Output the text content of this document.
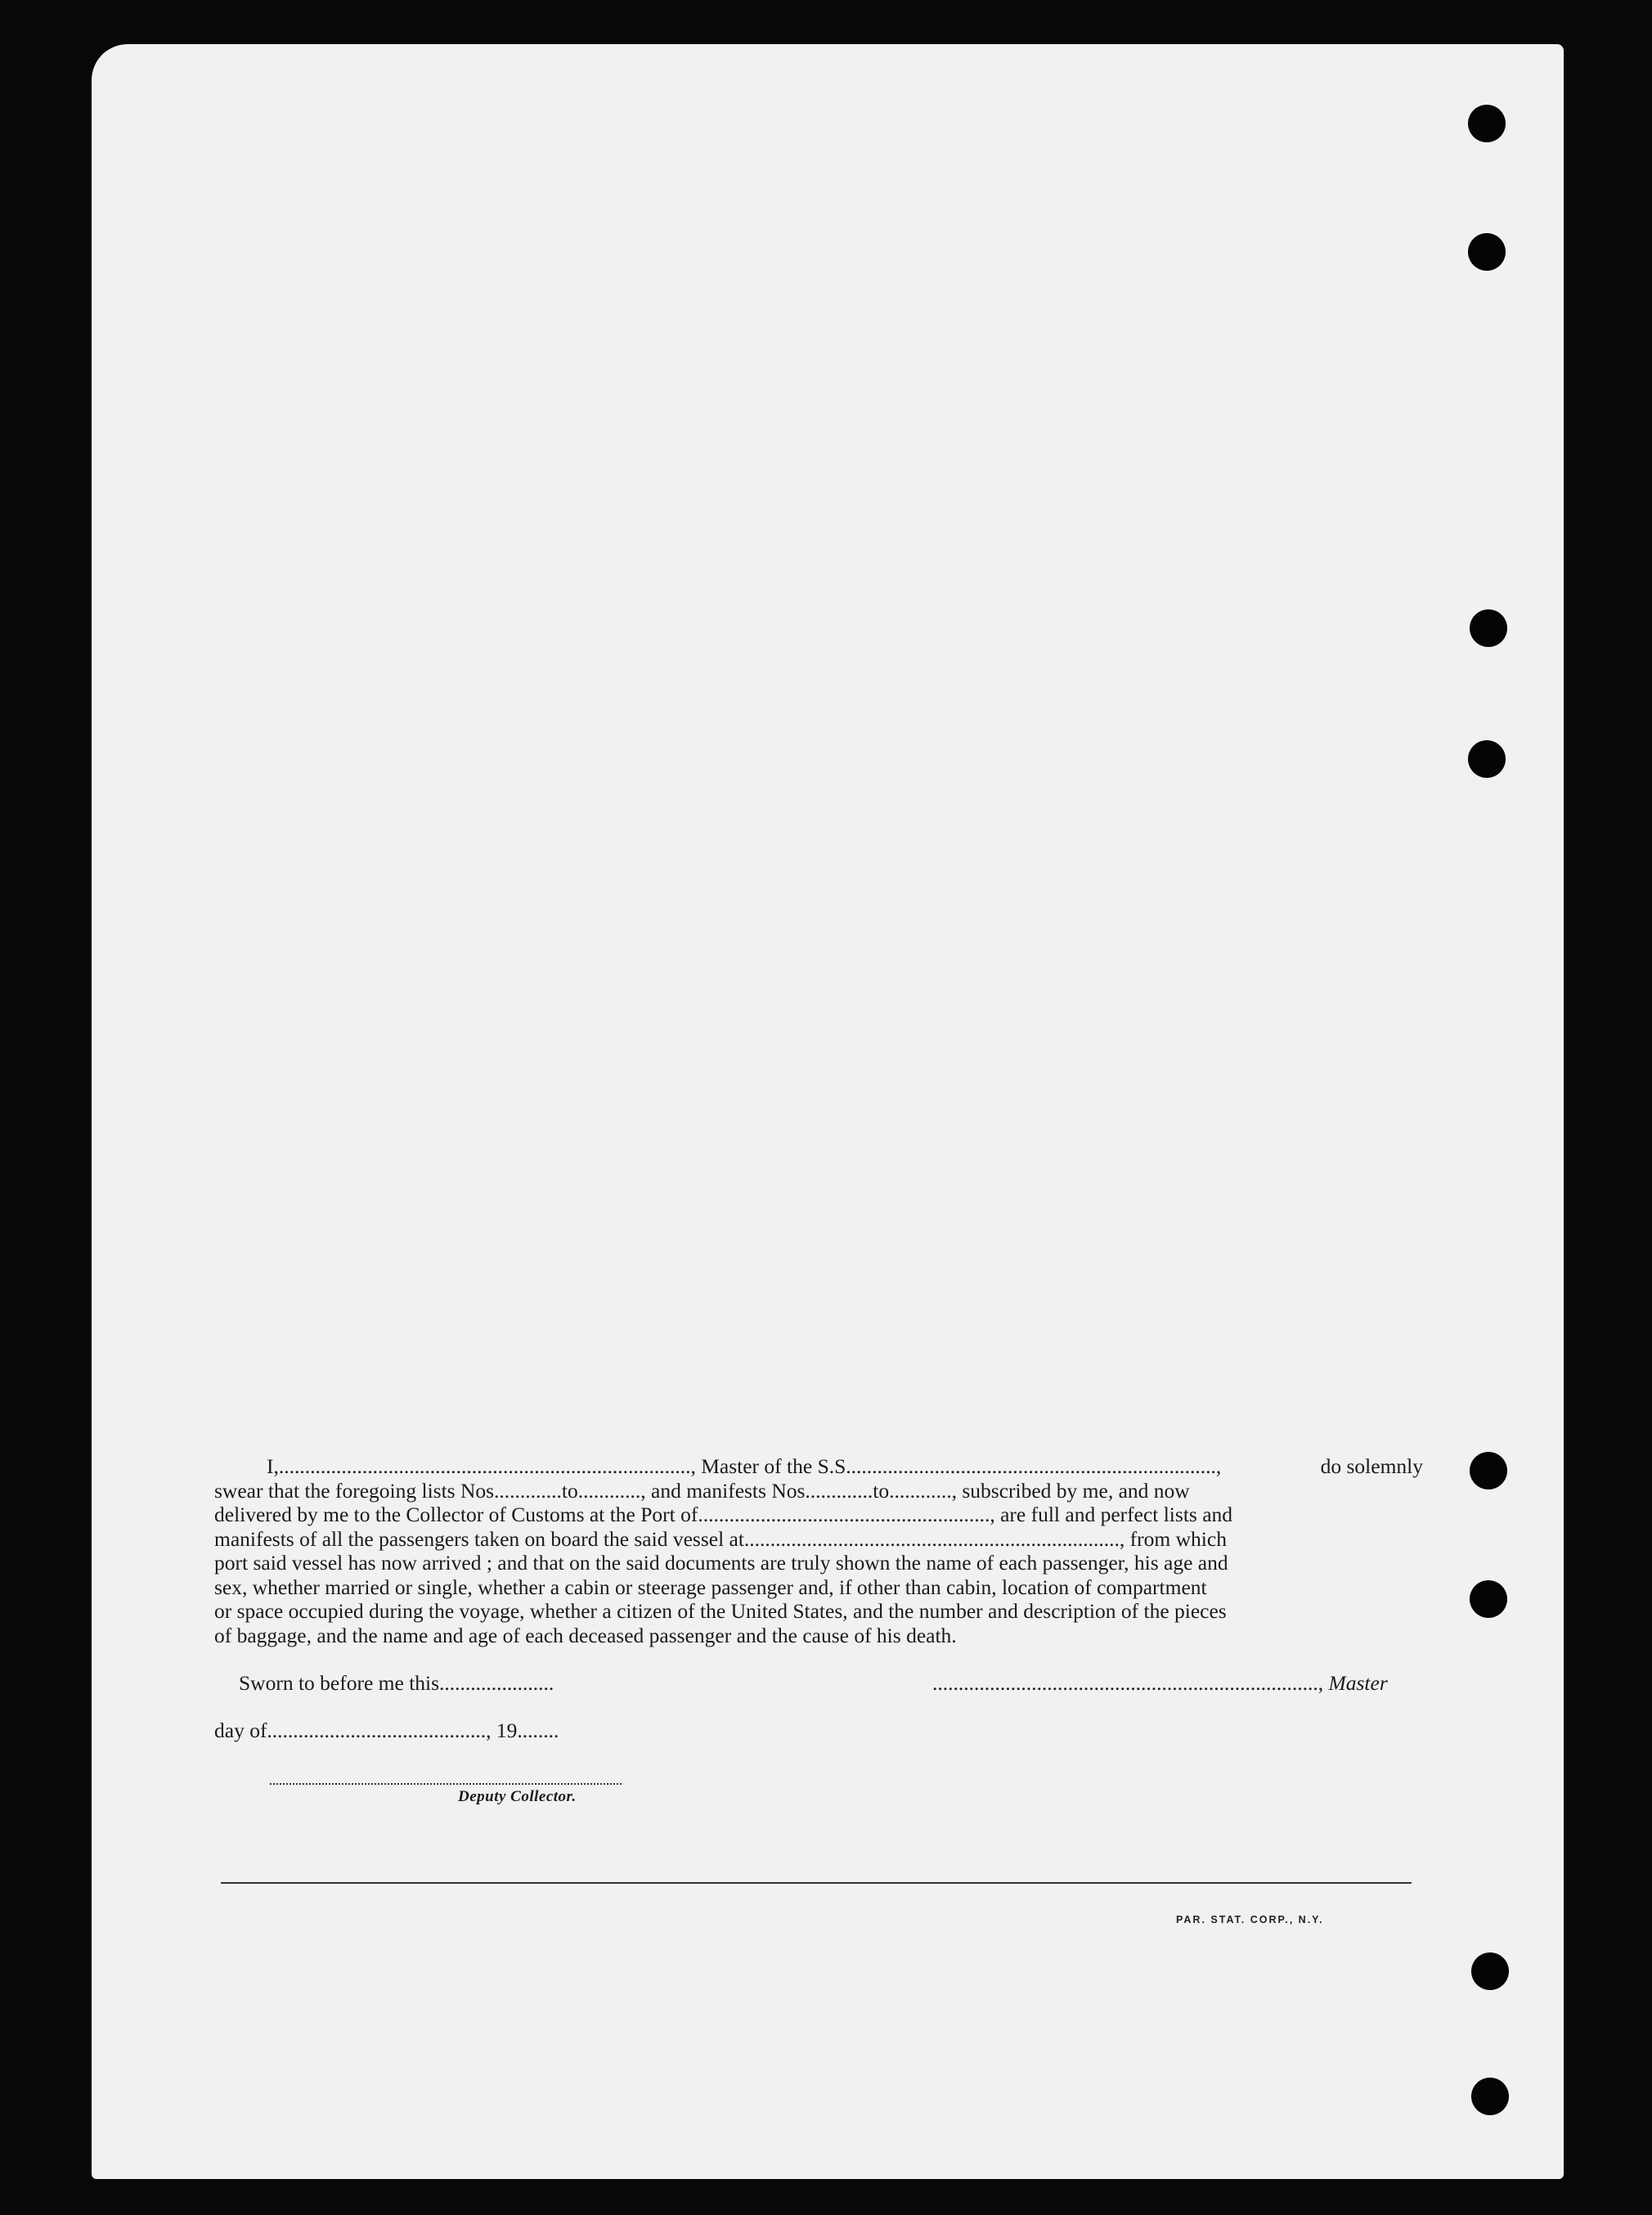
I,..............................................................................., Master of the S.S.......................................................................,	do solemnly
swear that the foregoing lists Nos.............to............, and manifests Nos.............to............, subscribed by me, and now
delivered by me to the Collector of Customs at the Port of........................................................, are full and perfect lists and
manifests of all the passengers taken on board the said vessel at........................................................................, from which
port said vessel has now arrived ; and that on the said documents are truly shown the name of each passenger, his age and
sex, whether married or single, whether a cabin or steerage passenger and, if other than cabin, location of compartment
or space occupied during the voyage, whether a citizen of the United States, and the number and description of the pieces
of baggage, and the name and age of each deceased passenger and the cause of his death.
Sworn to before me this......................	.........................................................................., Master
day of.........................................., 19........
Deputy Collector.
PAR. STAT. CORP., N.Y.
